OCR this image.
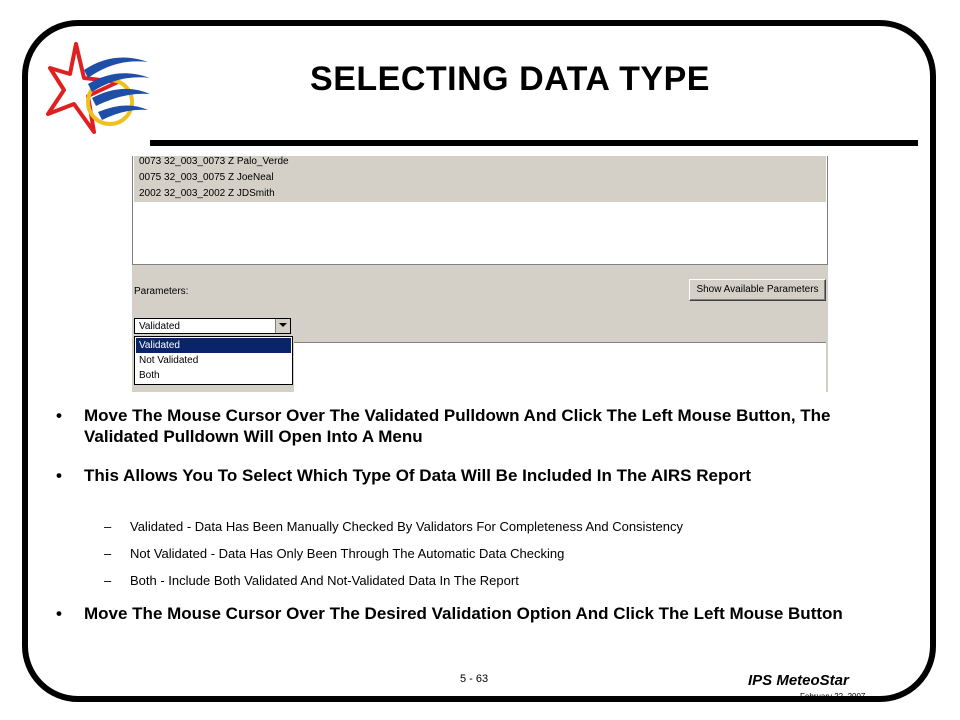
SELECTING DATA TYPE
0073 32_003_0073 Z Palo_Verde
0075 32_003_0075 Z JoeNeal
2002 32_003_2002 Z JDSmith
Parameters:	Show Available Parameters
Validated
Validated
Not Validated
Both
• Move The Mouse Cursor Over The Validated Pulldown And Click The Left Mouse Button, The Validated Pulldown Will Open Into A Menu
• This Allows You To Select Which Type Of Data Will Be Included In The AIRS Report
– Validated - Data Has Been Manually Checked By Validators For Completeness And Consistency
– Not Validated - Data Has Only Been Through The Automatic Data Checking
– Both - Include Both Validated And Not-Validated Data In The Report
• Move The Mouse Cursor Over The Desired Validation Option And Click The Left Mouse Button
5 - 63	IPS MeteoStar
February 22, 2007
